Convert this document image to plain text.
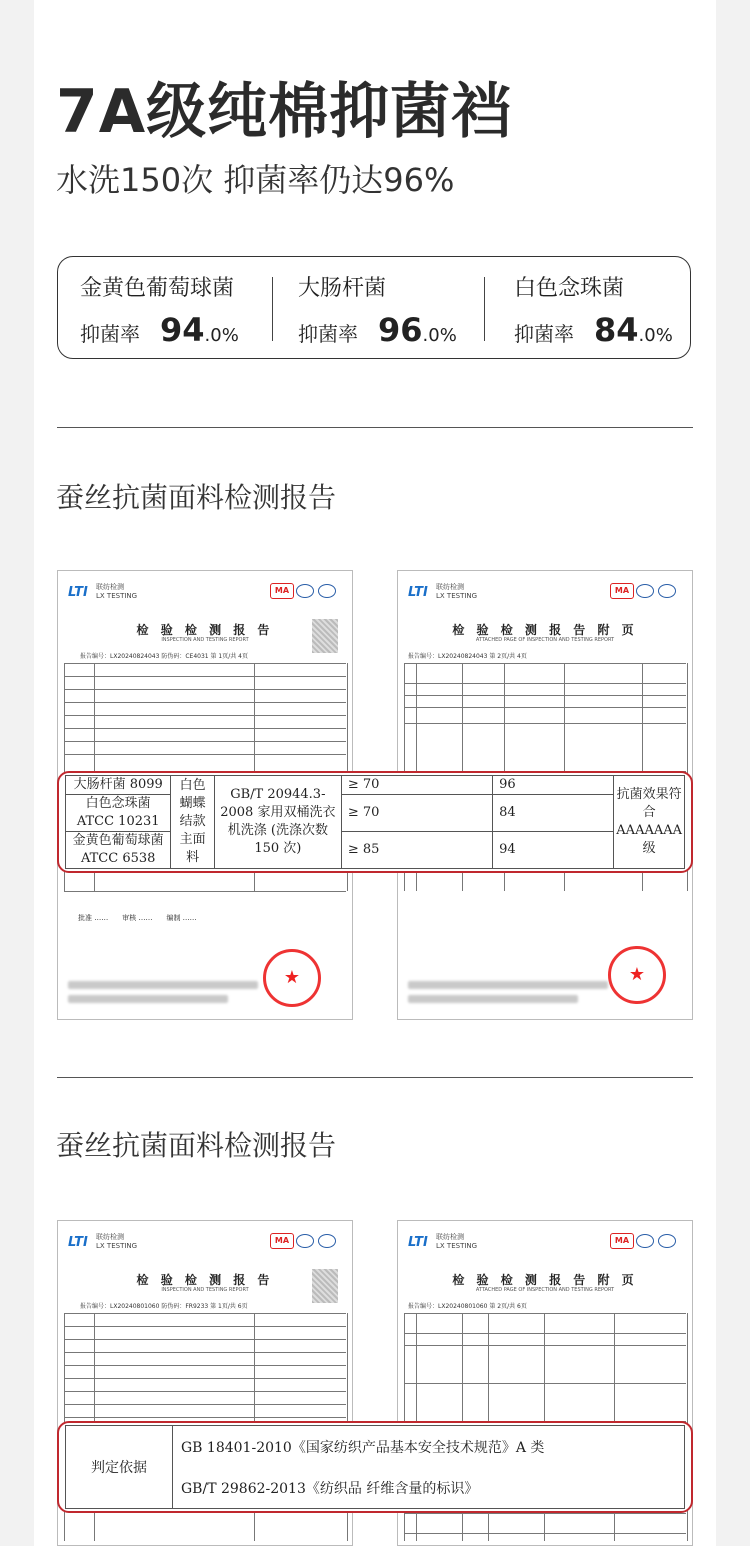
7A级纯棉抑菌裆
水洗150次 抑菌率仍达96%
金黄色葡萄球菌
抑菌率 94 .0%
大肠杆菌
抑菌率 96 .0%
白色念珠菌
抑菌率 84 .0%
蚕丝抗菌面料检测报告
LTI 联纺检测
LX TESTING
MA
检 验 检 测 报 告
INSPECTION AND TESTING REPORT
报告编号：LX20240824043 防伪码：CE4031 第 1页/共 4页
批准 ……　　审核 ……　　编制 ……
★
LTI 联纺检测
LX TESTING
MA
检 验 检 测 报 告 附 页
ATTACHED PAGE OF INSPECTION AND TESTING REPORT
报告编号：LX20240824043 第 2页/共 4页
★
大肠杆菌 8099	白色蝴蝶结款主面料	GB/T 20944.3-2008 家用双桶洗衣机洗涤 (洗涤次数 150 次)	≥ 70	96	抗菌效果符合AAAAAAA级
白色念珠菌 ATCC 10231			≥ 70	84	
金黄色葡萄球菌 ATCC 6538			≥ 85	94	
蚕丝抗菌面料检测报告
LTI 联纺检测
LX TESTING
MA
检 验 检 测 报 告
INSPECTION AND TESTING REPORT
报告编号：LX20240801060 防伪码：FR9233 第 1页/共 6页
LTI 联纺检测
LX TESTING
MA
检 验 检 测 报 告 附 页
ATTACHED PAGE OF INSPECTION AND TESTING REPORT
报告编号：LX20240801060 第 2页/共 6页
判定依据	GB 18401-2010《国家纺织产品基本安全技术规范》A 类
GB/T 29862-2013《纺织品 纤维含量的标识》
